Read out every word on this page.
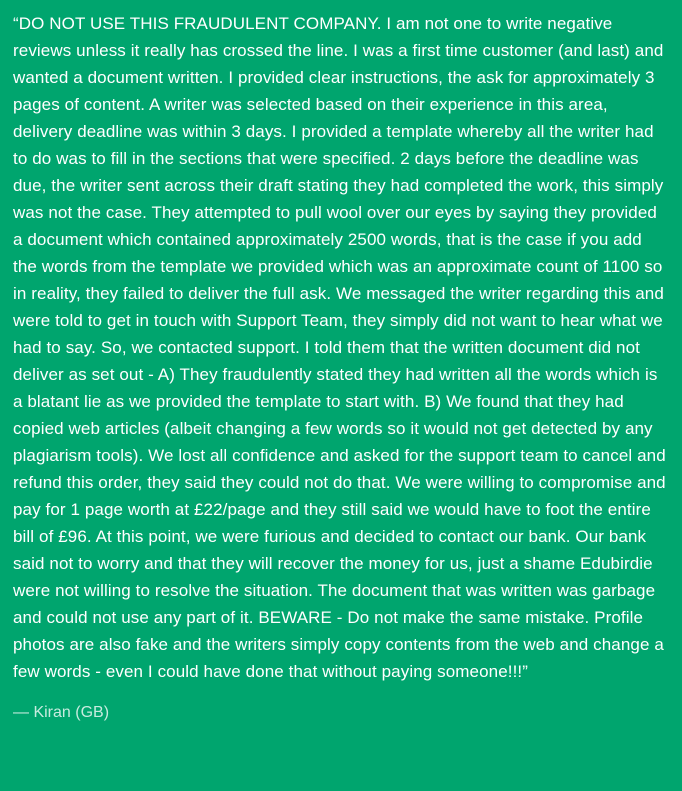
“DO NOT USE THIS FRAUDULENT COMPANY. I am not one to write negative reviews unless it really has crossed the line. I was a first time customer (and last) and wanted a document written. I provided clear instructions, the ask for approximately 3 pages of content. A writer was selected based on their experience in this area, delivery deadline was within 3 days. I provided a template whereby all the writer had to do was to fill in the sections that were specified. 2 days before the deadline was due, the writer sent across their draft stating they had completed the work, this simply was not the case. They attempted to pull wool over our eyes by saying they provided a document which contained approximately 2500 words, that is the case if you add the words from the template we provided which was an approximate count of 1100 so in reality, they failed to deliver the full ask. We messaged the writer regarding this and were told to get in touch with Support Team, they simply did not want to hear what we had to say. So, we contacted support. I told them that the written document did not deliver as set out - A) They fraudulently stated they had written all the words which is a blatant lie as we provided the template to start with. B) We found that they had copied web articles (albeit changing a few words so it would not get detected by any plagiarism tools). We lost all confidence and asked for the support team to cancel and refund this order, they said they could not do that. We were willing to compromise and pay for 1 page worth at £22/page and they still said we would have to foot the entire bill of £96. At this point, we were furious and decided to contact our bank. Our bank said not to worry and that they will recover the money for us, just a shame Edubirdie were not willing to resolve the situation. The document that was written was garbage and could not use any part of it. BEWARE - Do not make the same mistake. Profile photos are also fake and the writers simply copy contents from the web and change a few words - even I could have done that without paying someone!!!”

— Kiran (GB)
